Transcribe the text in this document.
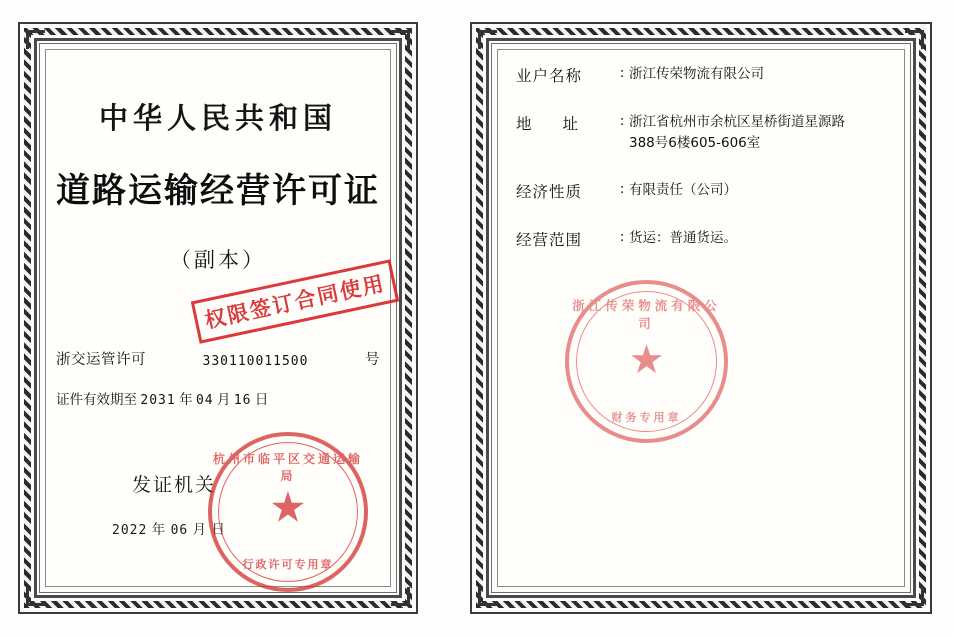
中华人民共和国
道路运输经营许可证
（副本）
浙交运管许可	330110011500	号
证件有效期至 2031 年 04 月 16 日
发证机关
2022 年 06 月 日
权限签订合同使用
杭州市临平区交通运输局
★
行政许可专用章
业户名称	: 浙江传荣物流有限公司
地　　址	: 浙江省杭州市余杭区星桥街道星源路
388号6楼605-606室
经济性质	: 有限责任（公司）
经营范围	: 货运：普通货运。
浙江传荣物流有限公司
★
财务专用章
